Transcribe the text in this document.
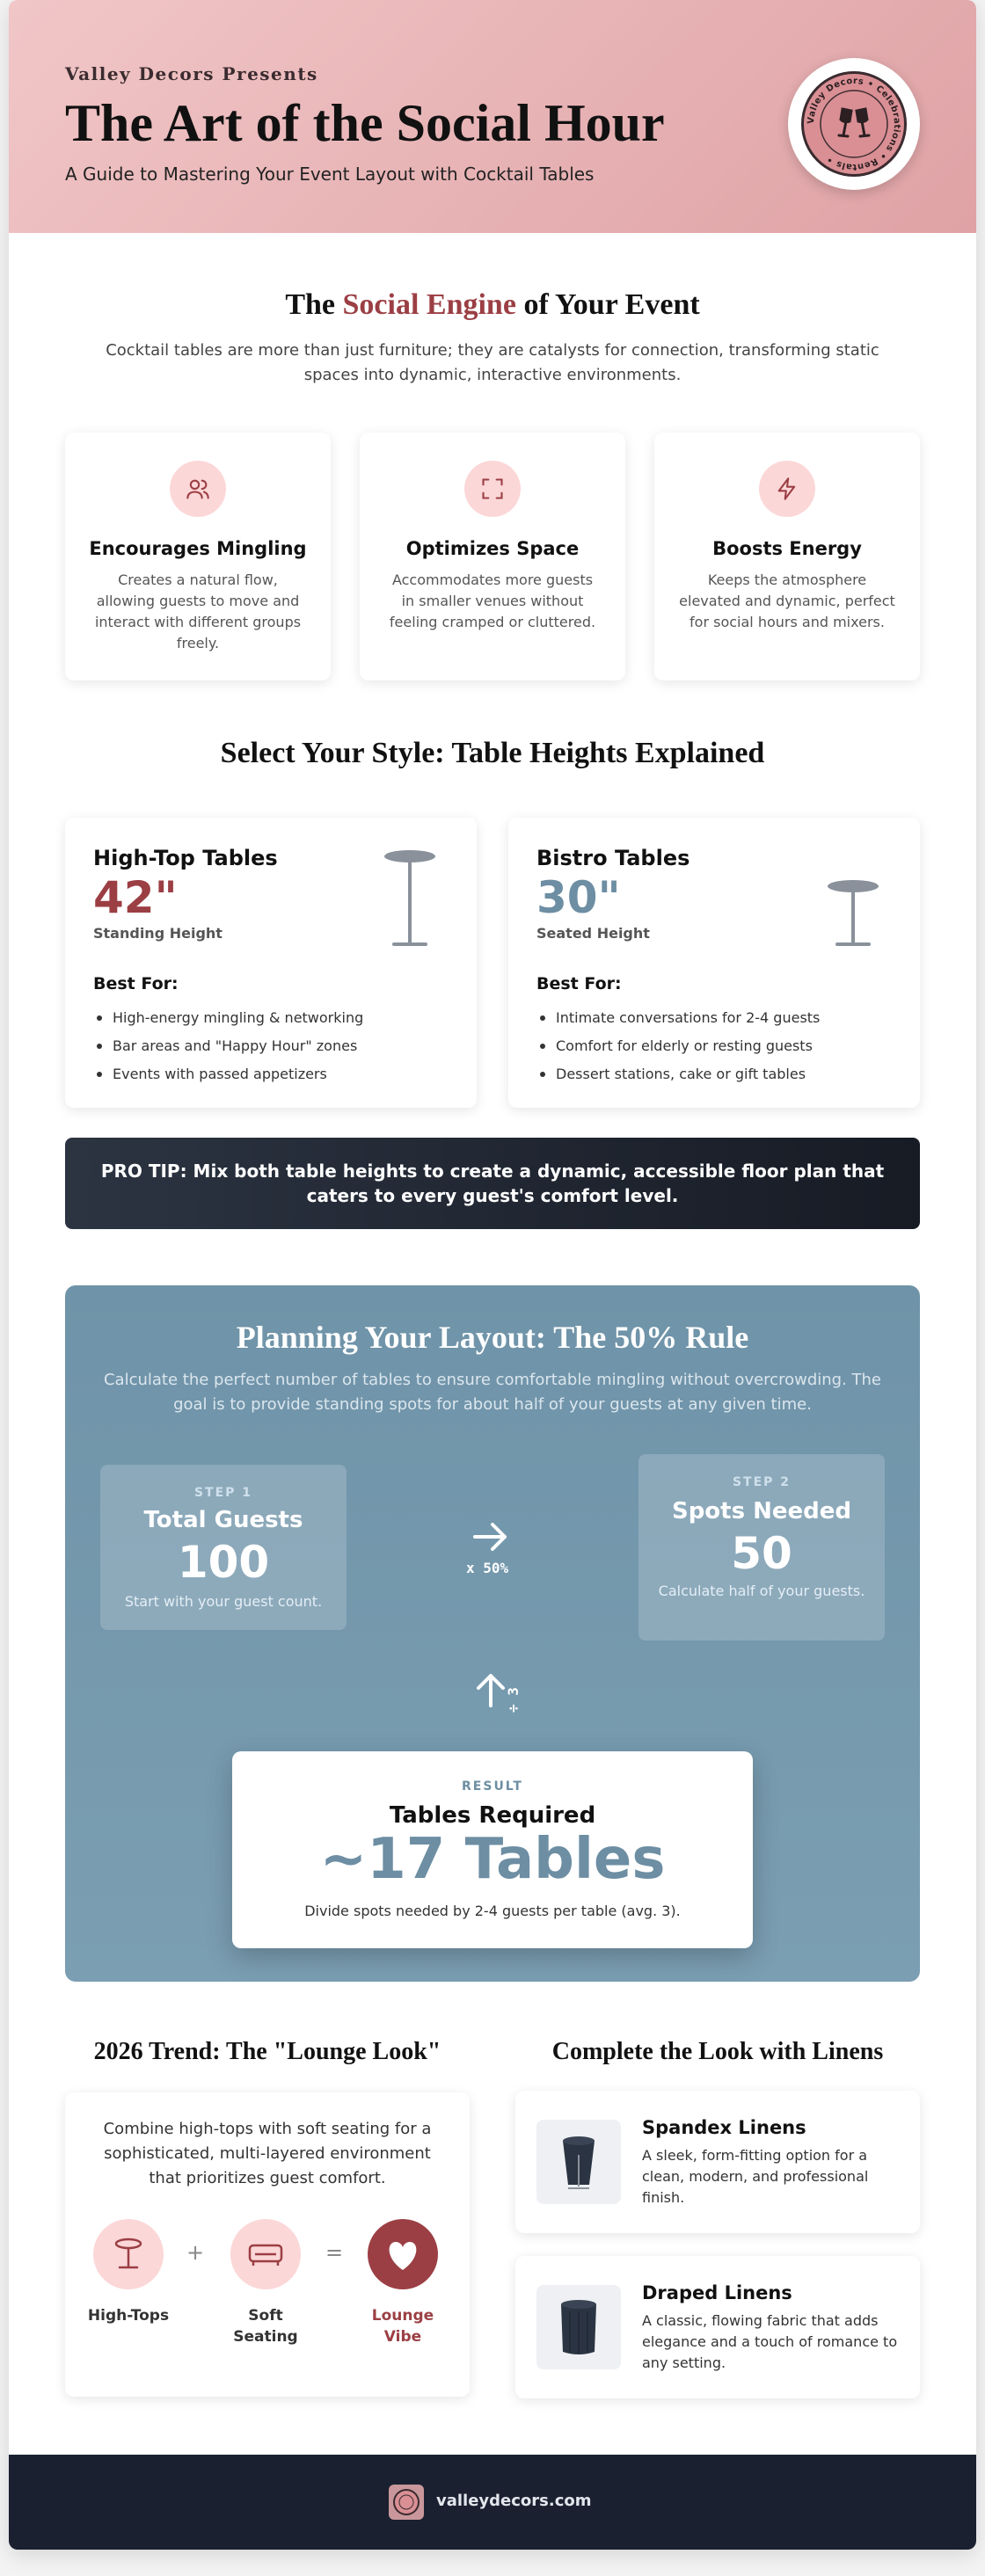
Valley Decors Presents
The Art of the Social Hour
A Guide to Mastering Your Event Layout with Cocktail Tables
Valley Decors • Celebrations • Rentals •
The Social Engine of Your Event
Cocktail tables are more than just furniture; they are catalysts for connection, transforming static spaces into dynamic, interactive environments.
Encourages Mingling
Creates a natural flow, allowing guests to move and interact with different groups freely.
Optimizes Space
Accommodates more guests in smaller venues without feeling cramped or cluttered.
Boosts Energy
Keeps the atmosphere elevated and dynamic, perfect for social hours and mixers.
Select Your Style: Table Heights Explained
High-Top Tables
42"
Standing Height
Best For:
High-energy mingling & networking
Bar areas and "Happy Hour" zones
Events with passed appetizers
Bistro Tables
30"
Seated Height
Best For:
Intimate conversations for 2-4 guests
Comfort for elderly or resting guests
Dessert stations, cake or gift tables
PRO TIP: Mix both table heights to create a dynamic, accessible floor plan that caters to every guest's comfort level.
Planning Your Layout: The 50% Rule
Calculate the perfect number of tables to ensure comfortable mingling without overcrowding. The goal is to provide standing spots for about half of your guests at any given time.
STEP 1
Total Guests
100
Start with your guest count.
x 50%
STEP 2
Spots Needed
50
Calculate half of your guests.
÷ 3
RESULT
Tables Required
~17 Tables
Divide spots needed by 2-4 guests per table (avg. 3).
2026 Trend: The "Lounge Look"
Combine high-tops with soft seating for a sophisticated, multi-layered environment that prioritizes guest comfort.
High-Tops
+
Soft Seating
=
Lounge Vibe
Complete the Look with Linens
Spandex Linens
A sleek, form-fitting option for a clean, modern, and professional finish.
Draped Linens
A classic, flowing fabric that adds elegance and a touch of romance to any setting.
valleydecors.com
